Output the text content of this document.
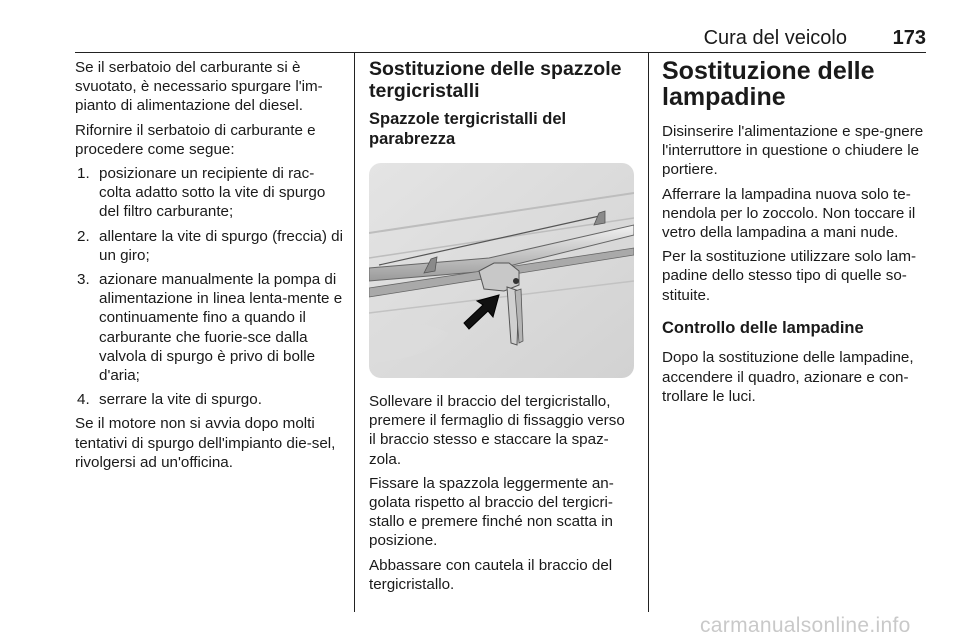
Cura del veicolo 173

Se il serbatoio del carburante si è svuotato, è necessario spurgare l'im-pianto di alimentazione del diesel.

Rifornire il serbatoio di carburante e procedere come segue:

1. posizionare un recipiente di rac-colta adatto sotto la vite di spurgo del filtro carburante;
2. allentare la vite di spurgo (freccia) di un giro;
3. azionare manualmente la pompa di alimentazione in linea lenta-mente e continuamente fino a quando il carburante che fuorie-sce dalla valvola di spurgo è privo di bolle d'aria;
4. serrare la vite di spurgo.

Se il motore non si avvia dopo molti tentativi di spurgo dell'impianto die-sel, rivolgersi ad un'officina.

Sostituzione delle spazzole tergicristalli
Spazzole tergicristalli del parabrezza

Sollevare il braccio del tergicristallo, premere il fermaglio di fissaggio verso il braccio stesso e staccare la spaz-zola.

Fissare la spazzola leggermente an-golata rispetto al braccio del tergicri-stallo e premere finché non scatta in posizione.

Abbassare con cautela il braccio del tergicristallo.

Sostituzione delle lampadine

Disinserire l'alimentazione e spe-gnere l'interruttore in questione o chiudere le portiere.

Afferrare la lampadina nuova solo te-nendola per lo zoccolo. Non toccare il vetro della lampadina a mani nude.

Per la sostituzione utilizzare solo lam-padine dello stesso tipo di quelle so-stituite.

Controllo delle lampadine

Dopo la sostituzione delle lampadine, accendere il quadro, azionare e con-trollare le luci.

carmanualsonline.info
